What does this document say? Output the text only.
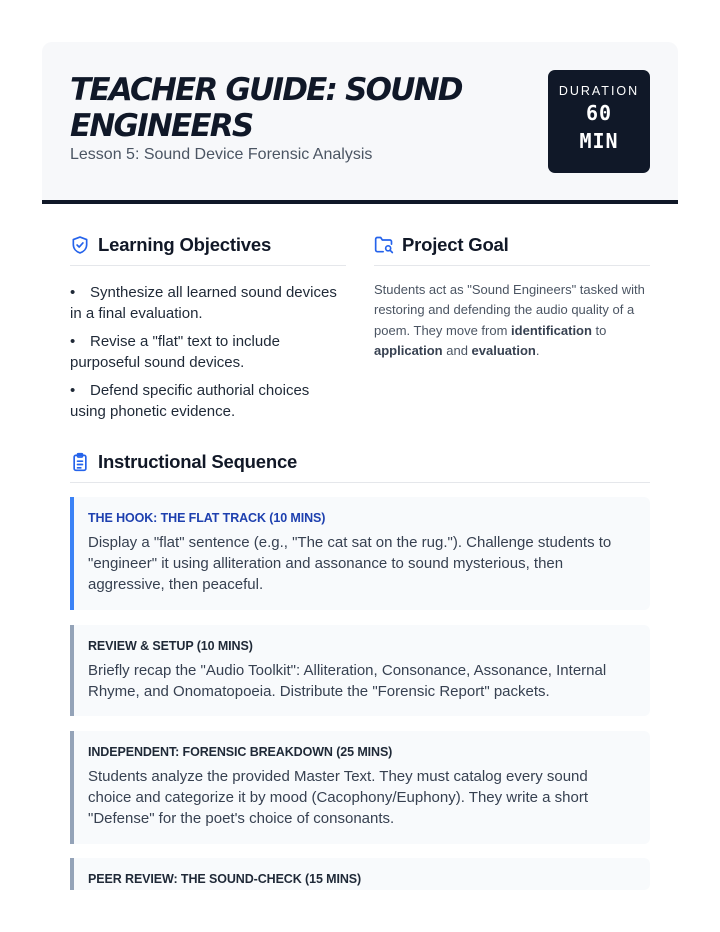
TEACHER GUIDE: SOUND
ENGINEERS
Lesson 5: Sound Device Forensic Analysis
DURATION
60
MIN
Learning Objectives
• Synthesize all learned sound devices in a final evaluation.
• Revise a "flat" text to include purposeful sound devices.
• Defend specific authorial choices using phonetic evidence.
Project Goal

Students act as "Sound Engineers" tasked with restoring and defending the audio quality of a poem. They move from identification to application and evaluation.

Instructional Sequence
THE HOOK: THE FLAT TRACK (10 MINS)
Display a "flat" sentence (e.g., "The cat sat on the rug."). Challenge students to "engineer" it using alliteration and assonance to sound mysterious, then aggressive, then peaceful.
REVIEW & SETUP (10 MINS)
Briefly recap the "Audio Toolkit": Alliteration, Consonance, Assonance, Internal Rhyme, and Onomatopoeia. Distribute the "Forensic Report" packets.
INDEPENDENT: FORENSIC BREAKDOWN (25 MINS)
Students analyze the provided Master Text. They must catalog every sound choice and categorize it by mood (Cacophony/Euphony). They write a short "Defense" for the poet's choice of consonants.
PEER REVIEW: THE SOUND-CHECK (15 MINS)
